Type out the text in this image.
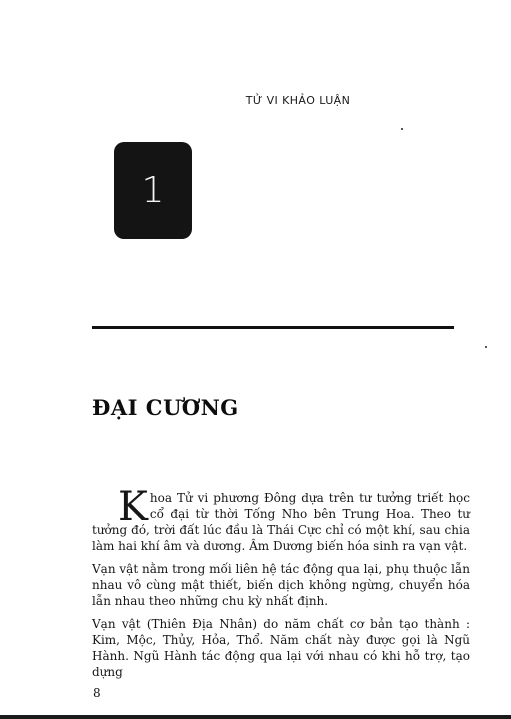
TỬ VI KHẢO LUẬN
1
ĐẠI CƯƠNG

Khoa Tử vi phương Đông dựa trên tư tưởng triết học cổ đại từ thời Tống Nho bên Trung Hoa. Theo tư tưởng đó, trời đất lúc đầu là Thái Cực chỉ có một khí, sau chia làm hai khí âm và dương. Âm Dương biến hóa sinh ra vạn vật.

Vạn vật nằm trong mối liên hệ tác động qua lại, phụ thuộc lẫn nhau vô cùng mật thiết, biến dịch không ngừng, chuyển hóa lẫn nhau theo những chu kỳ nhất định.

Vạn vật (Thiên Địa Nhân) do năm chất cơ bản tạo thành : Kim, Mộc, Thủy, Hỏa, Thổ. Năm chất này được gọi là Ngũ Hành. Ngũ Hành tác động qua lại với nhau có khi hỗ trợ, tạo dựng

8
